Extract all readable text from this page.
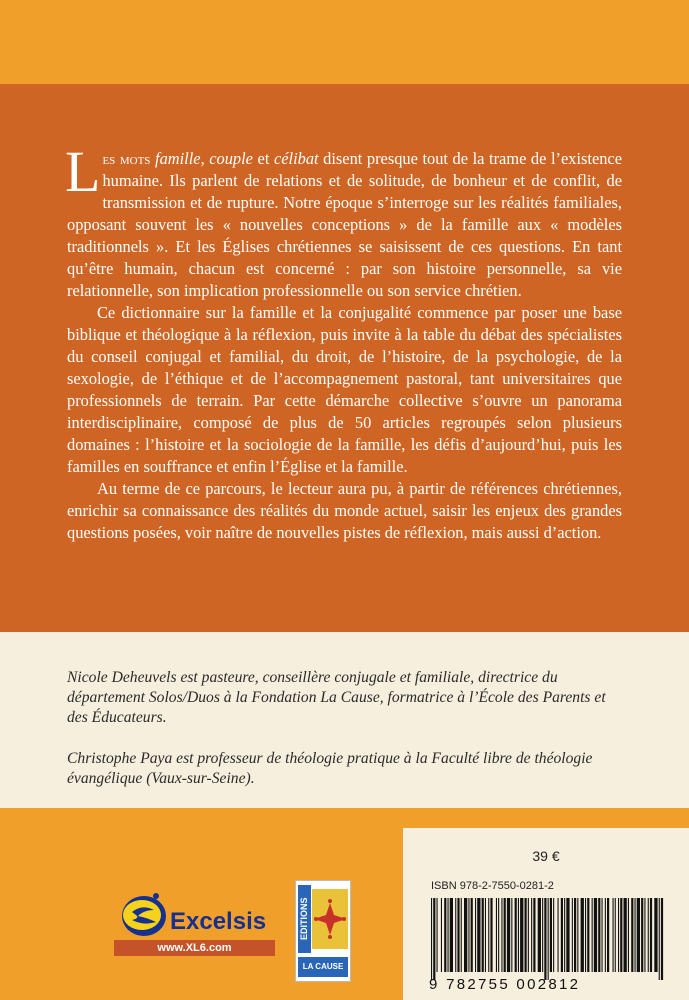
Les mots famille, couple et célibat disent presque tout de la trame de l’existence humaine. Ils parlent de relations et de solitude, de bonheur et de conflit, de transmission et de rupture. Notre époque s’interroge sur les réalités familiales, opposant souvent les « nouvelles conceptions » de la famille aux « modèles traditionnels ». Et les Églises chrétiennes se saisissent de ces questions. En tant qu’être humain, chacun est concerné : par son histoire personnelle, sa vie relationnelle, son implication professionnelle ou son service chrétien.

Ce dictionnaire sur la famille et la conjugalité commence par poser une base biblique et théologique à la réflexion, puis invite à la table du débat des spécialistes du conseil conjugal et familial, du droit, de l’histoire, de la psychologie, de la sexologie, de l’éthique et de l’accompagnement pastoral, tant universitaires que professionnels de terrain. Par cette démarche collective s’ouvre un panorama interdisciplinaire, composé de plus de 50 articles regroupés selon plusieurs domaines : l’histoire et la sociologie de la famille, les défis d’aujourd’hui, puis les familles en souffrance et enfin l’Église et la famille.

Au terme de ce parcours, le lecteur aura pu, à partir de références chrétiennes, enrichir sa connaissance des réalités du monde actuel, saisir les enjeux des grandes questions posées, voir naître de nouvelles pistes de réflexion, mais aussi d’action.

Nicole Deheuvels est pasteure, conseillère conjugale et familiale, directrice du département Solos/Duos à la Fondation La Cause, formatrice à l’École des Parents et des Éducateurs.

Christophe Paya est professeur de théologie pratique à la Faculté libre de théologie évangélique (Vaux-sur-Seine).

Excelsis
www.XL6.com
EDITIONS
LA CAUSE
39 €
ISBN 978-2-7550-0281-2
9 782755 002812
